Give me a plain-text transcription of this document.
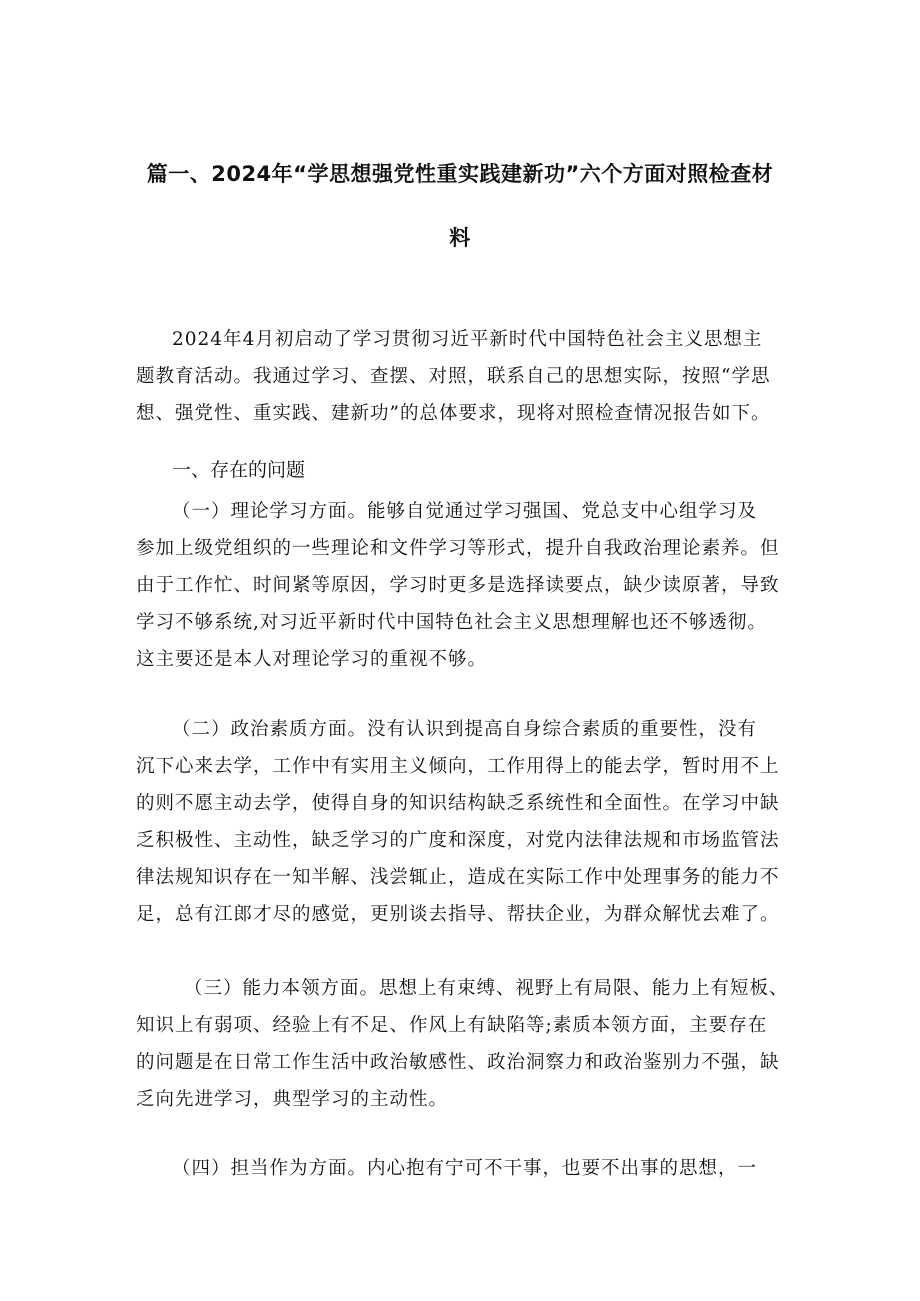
篇一、2024年“学思想强党性重实践建新功”六个方面对照检查材
料
2024年4月初启动了学习贯彻习近平新时代中国特色社会主义思想主
题教育活动。我通过学习、查摆、对照，联系自己的思想实际，按照“学思
想、强党性、重实践、建新功”的总体要求，现将对照检查情况报告如下。
一、存在的问题
（一）理论学习方面。能够自觉通过学习强国、党总支中心组学习及
参加上级党组织的一些理论和文件学习等形式，提升自我政治理论素养。但
由于工作忙、时间紧等原因，学习时更多是选择读要点，缺少读原著，导致
学习不够系统,对习近平新时代中国特色社会主义思想理解也还不够透彻。
这主要还是本人对理论学习的重视不够。
（二）政治素质方面。没有认识到提高自身综合素质的重要性，没有
沉下心来去学，工作中有实用主义倾向，工作用得上的能去学，暂时用不上
的则不愿主动去学，使得自身的知识结构缺乏系统性和全面性。在学习中缺
乏积极性、主动性，缺乏学习的广度和深度，对党内法律法规和市场监管法
律法规知识存在一知半解、浅尝辄止，造成在实际工作中处理事务的能力不
足，总有江郎才尽的感觉，更别谈去指导、帮扶企业，为群众解忧去难了。
（三）能力本领方面。思想上有束缚、视野上有局限、能力上有短板、
知识上有弱项、经验上有不足、作风上有缺陷等;素质本领方面，主要存在
的问题是在日常工作生活中政治敏感性、政治洞察力和政治鉴别力不强，缺
乏向先进学习，典型学习的主动性。
（四）担当作为方面。内心抱有宁可不干事，也要不出事的思想，一
